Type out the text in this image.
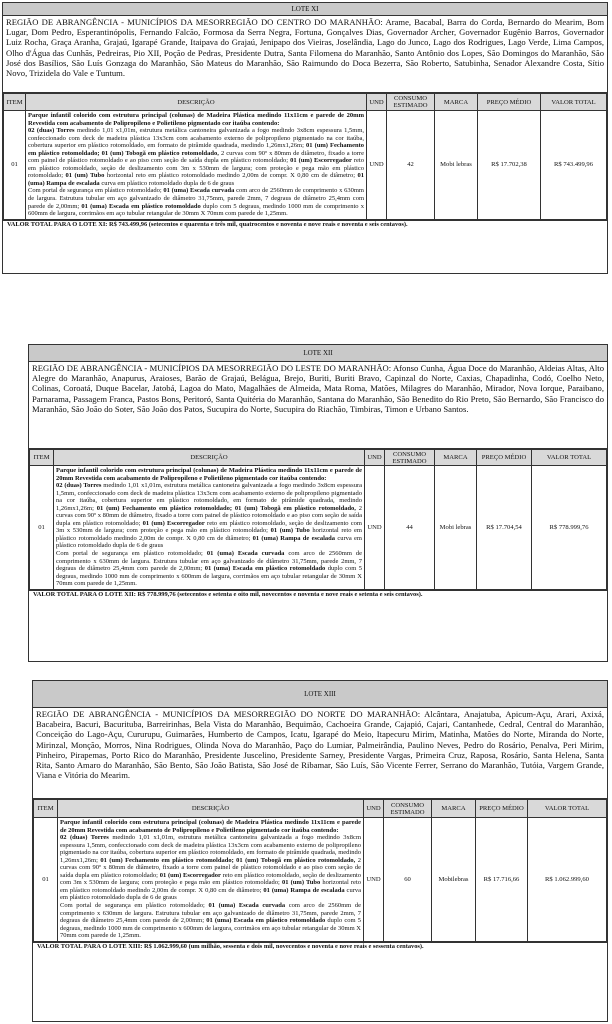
LOTE XI
REGIÃO DE ABRANGÊNCIA - MUNICÍPIOS DA MESORREGIÃO DO CENTRO DO MARANHÃO: Arame, Bacabal, Barra do Corda, Bernardo do Mearim, Bom Lugar, Dom Pedro, Esperantinópolis, Fernando Falcão, Formosa da Serra Negra, Fortuna, Gonçalves Dias, Governador Archer, Governador Eugênio Barros, Governador Luiz Rocha, Graça Aranha, Grajaú, Igarapé Grande, Itaipava do Grajaú, Jenipapo dos Vieiras, Joselândia, Lago do Junco, Lago dos Rodrigues, Lago Verde, Lima Campos, Olho d'Água das Cunhãs, Pedreiras, Pio XII, Poção de Pedras, Presidente Dutra, Santa Filomena do Maranhão, Santo Antônio dos Lopes, São Domingos do Maranhão, São José dos Basílios, São Luís Gonzaga do Maranhão, São Mateus do Maranhão, São Raimundo do Doca Bezerra, São Roberto, Satubinha, Senador Alexandre Costa, Sítio Novo, Trizidela do Vale e Tuntum.
ITEM	DESCRIÇÃO	UND	CONSUMO ESTIMADO	MARCA	PREÇO MÉDIO	VALOR TOTAL
01	Parque infantil colorido com estrutura principal (colunas) de Madeira Plástica medindo 11x11cm e parede de 20mm Revestida com acabamento de Polipropileno e Polietileno pigmentado cor itaúba contendo:
02 (duas) Torres medindo 1,01 x1,01m, estrutura metálica cantoneira galvanizada a fogo medindo 3x8cm espessura 1,5mm, confeccionado com deck de madeira plástica 13x3cm com acabamento externo de polipropileno pigmentado na cor itaúba, cobertura superior em plástico rotomoldado, em formato de pirâmide quadrada, medindo 1,26mx1,26m; 01 (um) Fechamento em plástico rotomoldado; 01 (um) Tobogã em plástico rotomoldado, 2 curvas com 90º x 80mm de diâmetro, fixado a torre com painel de plástico rotomoldado e ao piso com seção de saída dupla em plástico rotomoldado; 01 (um) Escorregador reto em plástico rotomoldado, seção de deslizamento com 3m x 530mm de largura; com proteção e pega mão em plástico rotomoldado; 01 (um) Tubo horizontal reto em plástico rotomoldado medindo 2,00m de compr. X 0,80 cm de diâmetro; 01 (uma) Rampa de escalada curva em plástico rotomoldado dupla de 6 de graus
Com portal de segurança em plástico rotomoldado; 01 (uma) Escada curvada com arco de 2560mm de comprimento x 630mm de largura. Estrutura tubular em aço galvanizado de diâmetro 31,75mm, parede 2mm, 7 degraus de diâmetro 25,4mm com parede de 2,00mm; 01 (uma) Escada em plástico rotomoldado duplo com 5 degraus, medindo 1000 mm de comprimento x 600mm de largura, corrimãos em aço tubular retangular de 30mm X 70mm com parede de 1,25mm.	UND	42	Mobi lebras	R$ 17.702,38	R$ 743.499,96
VALOR TOTAL PARA O LOTE XI: R$ 743.499,96 (setecentos e quarenta e três mil, quatrocentos e noventa e nove reais e noventa e seis centavos).
LOTE XII
REGIÃO DE ABRANGÊNCIA - MUNICÍPIOS DA MESORREGIÃO DO LESTE DO MARANHÃO: Afonso Cunha, Água Doce do Maranhão, Aldeias Altas, Alto Alegre do Maranhão, Anapurus, Araioses, Barão de Grajaú, Belágua, Brejo, Buriti, Buriti Bravo, Capinzal do Norte, Caxias, Chapadinha, Codó, Coelho Neto, Colinas, Coroatá, Duque Bacelar, Jatobá, Lagoa do Mato, Magalhães de Almeida, Mata Roma, Matões, Milagres do Maranhão, Mirador, Nova Iorque, Paraibano, Parnarama, Passagem Franca, Pastos Bons, Peritoró, Santa Quitéria do Maranhão, Santana do Maranhão, São Benedito do Rio Preto, São Bernardo, São Francisco do Maranhão, São João do Soter, São João dos Patos, Sucupira do Norte, Sucupira do Riachão, Timbiras, Timon e Urbano Santos.
ITEM	DESCRIÇÃO	UND	CONSUMO ESTIMADO	MARCA	PREÇO MÉDIO	VALOR TOTAL
01	Parque infantil colorido com estrutura principal (colunas) de Madeira Plástica medindo 11x11cm e parede de 20mm Revestida com acabamento de Polipropileno e Polietileno pigmentado cor itaúba contendo:
02 (duas) Torres medindo 1,01 x1,01m, estrutura metálica cantoneira galvanizada a fogo medindo 3x8cm espessura 1,5mm, confeccionado com deck de madeira plástica 13x3cm com acabamento externo de polipropileno pigmentado na cor itaúba, cobertura superior em plástico rotomoldado, em formato de pirâmide quadrada, medindo 1,26mx1,26m; 01 (um) Fechamento em plástico rotomoldado; 01 (um) Tobogã em plástico rotomoldado, 2 curvas com 90º x 80mm de diâmetro, fixado a torre com painel de plástico rotomoldado e ao piso com seção de saída dupla em plástico rotomoldado; 01 (um) Escorregador reto em plástico rotomoldado, seção de deslizamento com 3m x 530mm de largura; com proteção e pega mão em plástico rotomoldado; 01 (um) Tubo horizontal reto em plástico rotomoldado medindo 2,00m de compr. X 0,80 cm de diâmetro; 01 (uma) Rampa de escalada curva em plástico rotomoldado dupla de 6 de graus
Com portal de segurança em plástico rotomoldado; 01 (uma) Escada curvada com arco de 2560mm de comprimento x 630mm de largura. Estrutura tubular em aço galvanizado de diâmetro 31,75mm, parede 2mm, 7 degraus de diâmetro 25,4mm com parede de 2,00mm; 01 (uma) Escada em plástico rotomoldado duplo com 5 degraus, medindo 1000 mm de comprimento x 600mm de largura, corrimãos em aço tubular retangular de 30mm X 70mm com parede de 1,25mm.	UND	44	Mobi lebras	R$ 17.704,54	R$ 778.999,76
VALOR TOTAL PARA O LOTE XII: R$ 778.999,76 (setecentos e setenta e oito mil, novecentos e noventa e nove reais e setenta e seis centavos).
LOTE XIII
REGIÃO DE ABRANGÊNCIA - MUNICÍPIOS DA MESORREGIÃO DO NORTE DO MARANHÃO: Alcântara, Anajatuba, Apicum-Açu, Arari, Axixá, Bacabeira, Bacuri, Bacurituba, Barreirinhas, Bela Vista do Maranhão, Bequimão, Cachoeira Grande, Cajapió, Cajari, Cantanhede, Cedral, Central do Maranhão, Conceição do Lago-Açu, Cururupu, Guimarães, Humberto de Campos, Icatu, Igarapé do Meio, Itapecuru Mirim, Matinha, Matões do Norte, Miranda do Norte, Mirinzal, Monção, Morros, Nina Rodrigues, Olinda Nova do Maranhão, Paço do Lumiar, Palmeirândia, Paulino Neves, Pedro do Rosário, Penalva, Peri Mirim, Pinheiro, Pirapemas, Porto Rico do Maranhão, Presidente Juscelino, Presidente Sarney, Presidente Vargas, Primeira Cruz, Raposa, Rosário, Santa Helena, Santa Rita, Santo Amaro do Maranhão, São Bento, São João Batista, São José de Ribamar, São Luís, São Vicente Ferrer, Serrano do Maranhão, Tutóia, Vargem Grande, Viana e Vitória do Mearim.
ITEM	DESCRIÇÃO	UND	CONSUMO ESTIMADO	MARCA	PREÇO MÉDIO	VALOR TOTAL
01	Parque infantil colorido com estrutura principal (colunas) de Madeira Plástica medindo 11x11cm e parede de 20mm Revestida com acabamento de Polipropileno e Polietileno pigmentado cor itaúba contendo:
02 (duas) Torres medindo 1,01 x1,01m, estrutura metálica cantoneira galvanizada a fogo medindo 3x8cm espessura 1,5mm, confeccionado com deck de madeira plástica 13x3cm com acabamento externo de polipropileno pigmentado na cor itaúba, cobertura superior em plástico rotomoldado, em formato de pirâmide quadrada, medindo 1,26mx1,26m; 01 (um) Fechamento em plástico rotomoldado; 01 (um) Tobogã em plástico rotomoldado, 2 curvas com 90º x 80mm de diâmetro, fixado a torre com painel de plástico rotomoldado e ao piso com seção de saída dupla em plástico rotomoldado; 01 (um) Escorregador reto em plástico rotomoldado, seção de deslizamento com 3m x 530mm de largura; com proteção e pega mão em plástico rotomoldado; 01 (um) Tubo horizontal reto em plástico rotomoldado medindo 2,00m de compr. X 0,80 cm de diâmetro; 01 (uma) Rampa de escalada curva em plástico rotomoldado dupla de 6 de graus
Com portal de segurança em plástico rotomoldado; 01 (uma) Escada curvada com arco de 2560mm de comprimento x 630mm de largura. Estrutura tubular em aço galvanizado de diâmetro 31,75mm, parede 2mm, 7 degraus de diâmetro 25,4mm com parede de 2,00mm; 01 (uma) Escada em plástico rotomoldado duplo com 5 degraus, medindo 1000 mm de comprimento x 600mm de largura, corrimãos em aço tubular retangular de 30mm X 70mm com parede de 1,25mm.	UND	60	Mobilebras	R$ 17.716,66	R$ 1.062.999,60
VALOR TOTAL PARA O LOTE XIII: R$ 1.062.999,60 (um milhão, sessenta e dois mil, novecentos e noventa e nove reais e sessenta centavos).
